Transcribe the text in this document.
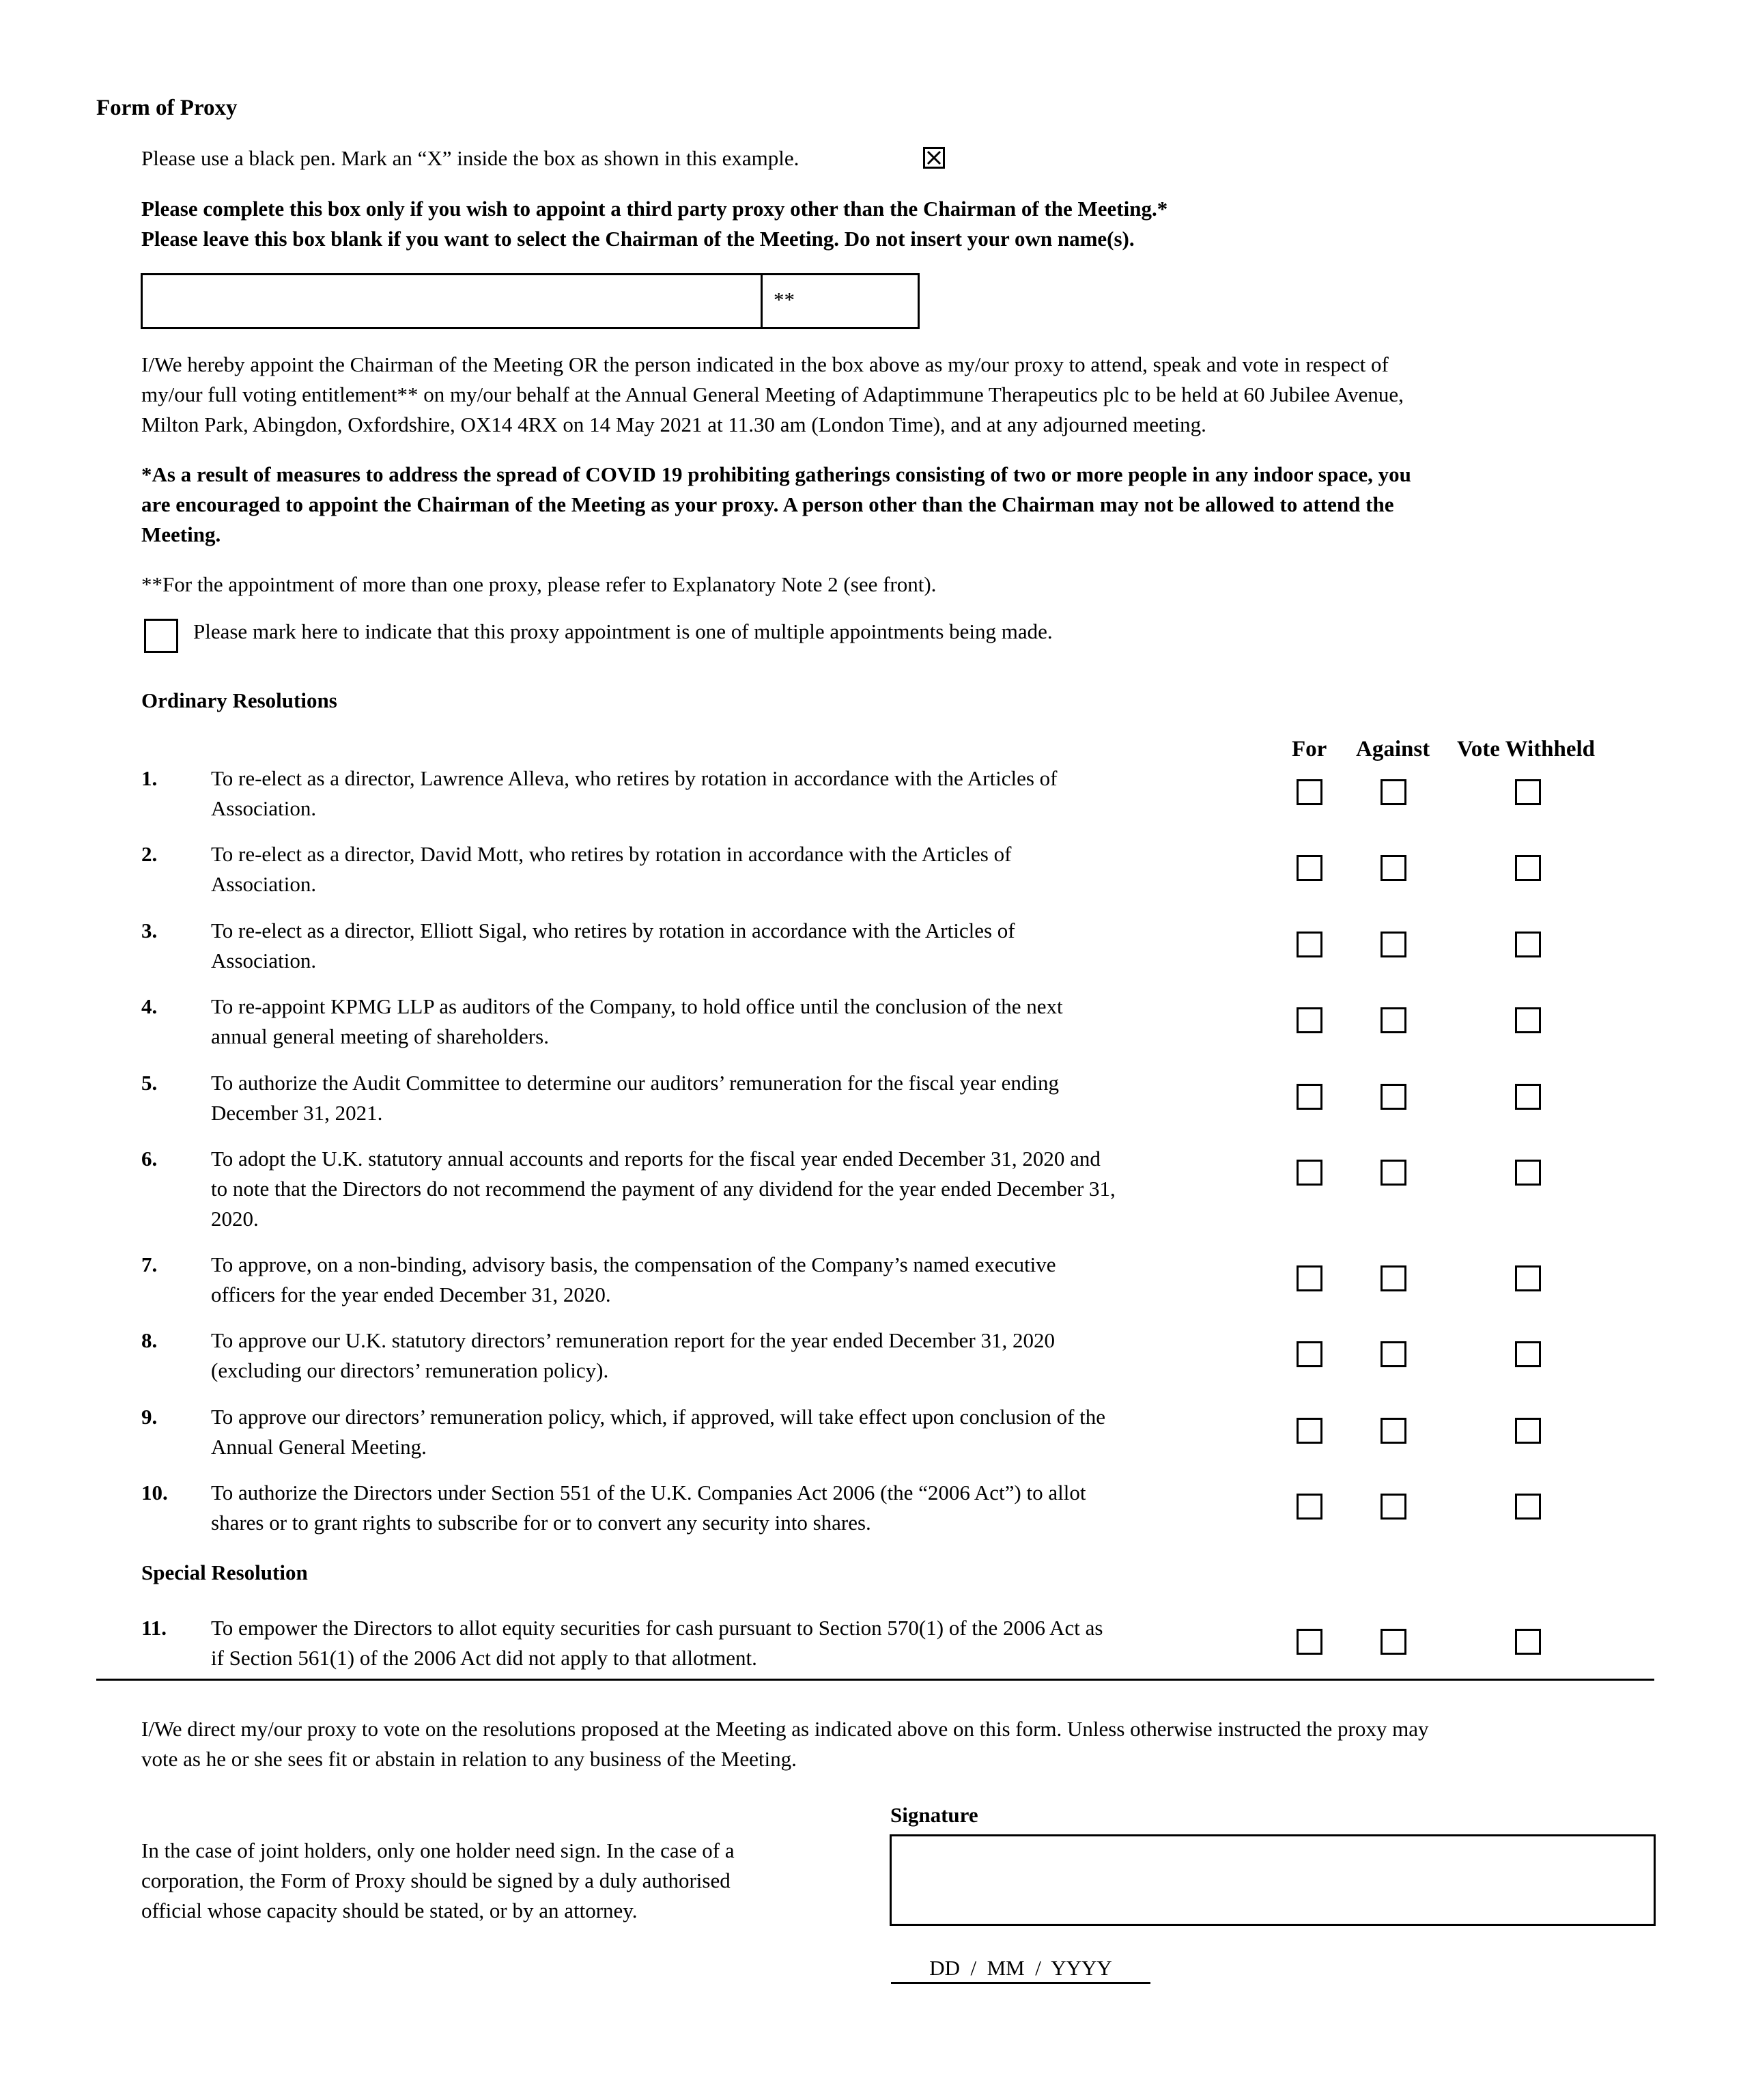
Form of Proxy
Please use a black pen. Mark an “X” inside the box as shown in this example.
Please complete this box only if you wish to appoint a third party proxy other than the Chairman of the Meeting.*
Please leave this box blank if you want to select the Chairman of the Meeting. Do not insert your own name(s).
**
I/We hereby appoint the Chairman of the Meeting OR the person indicated in the box above as my/our proxy to attend, speak and vote in respect of
my/our full voting entitlement** on my/our behalf at the Annual General Meeting of Adaptimmune Therapeutics plc to be held at 60 Jubilee Avenue,
Milton Park, Abingdon, Oxfordshire, OX14 4RX on 14 May 2021 at 11.30 am (London Time), and at any adjourned meeting.
*As a result of measures to address the spread of COVID 19 prohibiting gatherings consisting of two or more people in any indoor space, you
are encouraged to appoint the Chairman of the Meeting as your proxy. A person other than the Chairman may not be allowed to attend the
Meeting.
**For the appointment of more than one proxy, please refer to Explanatory Note 2 (see front).
Please mark here to indicate that this proxy appointment is one of multiple appointments being made.
Ordinary Resolutions
For Against Vote Withheld
1.	To re-elect as a director, Lawrence Alleva, who retires by rotation in accordance with the Articles of
Association.
2.	To re-elect as a director, David Mott, who retires by rotation in accordance with the Articles of
Association.
3.	To re-elect as a director, Elliott Sigal, who retires by rotation in accordance with the Articles of
Association.
4.	To re-appoint KPMG LLP as auditors of the Company, to hold office until the conclusion of the next
annual general meeting of shareholders.
5.	To authorize the Audit Committee to determine our auditors’ remuneration for the fiscal year ending
December 31, 2021.
6.	To adopt the U.K. statutory annual accounts and reports for the fiscal year ended December 31, 2020 and
to note that the Directors do not recommend the payment of any dividend for the year ended December 31,
2020.
7.	To approve, on a non-binding, advisory basis, the compensation of the Company’s named executive
officers for the year ended December 31, 2020.
8.	To approve our U.K. statutory directors’ remuneration report for the year ended December 31, 2020
(excluding our directors’ remuneration policy).
9.	To approve our directors’ remuneration policy, which, if approved, will take effect upon conclusion of the
Annual General Meeting.
10. To authorize the Directors under Section 551 of the U.K. Companies Act 2006 (the “2006 Act”) to allot
shares or to grant rights to subscribe for or to convert any security into shares.
11. To empower the Directors to allot equity securities for cash pursuant to Section 570(1) of the 2006 Act as
if Section 561(1) of the 2006 Act did not apply to that allotment.
Special Resolution
I/We direct my/our proxy to vote on the resolutions proposed at the Meeting as indicated above on this form. Unless otherwise instructed the proxy may
vote as he or she sees fit or abstain in relation to any business of the Meeting.
Signature
In the case of joint holders, only one holder need sign. In the case of a
corporation, the Form of Proxy should be signed by a duly authorised
official whose capacity should be stated, or by an attorney.
DD  /  MM  /  YYYY
